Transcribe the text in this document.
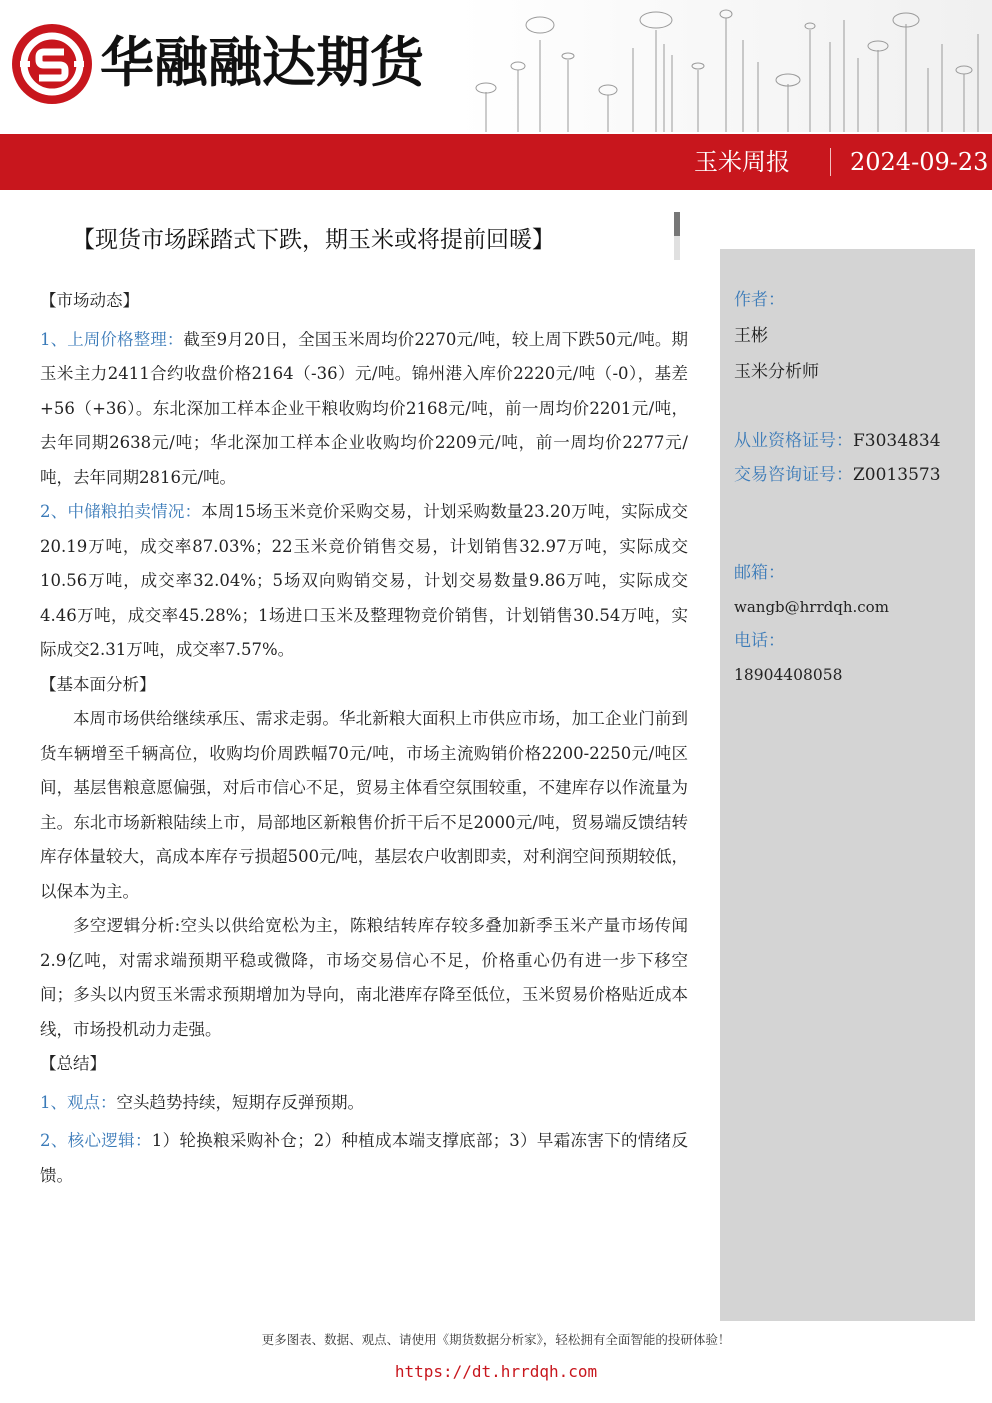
华融融达期货
玉米周报	2024-09-23
【现货市场踩踏式下跌，期玉米或将提前回暖】

【市场动态】

1、上周价格整理：截至9月20日，全国玉米周均价2270元/吨，较上周下跌50元/吨。期玉米主力2411合约收盘价格2164（-36）元/吨。锦州港入库价2220元/吨（-0），基差+56（+36）。东北深加工样本企业干粮收购均价2168元/吨，前一周均价2201元/吨，去年同期2638元/吨；华北深加工样本企业收购均价2209元/吨，前一周均价2277元/吨，去年同期2816元/吨。

2、中储粮拍卖情况：本周15场玉米竞价采购交易，计划采购数量23.20万吨，实际成交20.19万吨，成交率87.03%；22玉米竞价销售交易，计划销售32.97万吨，实际成交10.56万吨，成交率32.04%；5场双向购销交易，计划交易数量9.86万吨，实际成交4.46万吨，成交率45.28%；1场进口玉米及整理物竞价销售，计划销售30.54万吨，实际成交2.31万吨，成交率7.57%。

【基本面分析】

本周市场供给继续承压、需求走弱。华北新粮大面积上市供应市场，加工企业门前到货车辆增至千辆高位，收购均价周跌幅70元/吨，市场主流购销价格2200-2250元/吨区间，基层售粮意愿偏强，对后市信心不足，贸易主体看空氛围较重，不建库存以作流量为主。东北市场新粮陆续上市，局部地区新粮售价折干后不足2000元/吨，贸易端反馈结转库存体量较大，高成本库存亏损超500元/吨，基层农户收割即卖，对利润空间预期较低，以保本为主。

多空逻辑分析:空头以供给宽松为主，陈粮结转库存较多叠加新季玉米产量市场传闻2.9亿吨，对需求端预期平稳或微降，市场交易信心不足，价格重心仍有进一步下移空间；多头以内贸玉米需求预期增加为导向，南北港库存降至低位，玉米贸易价格贴近成本线，市场投机动力走强。

【总结】

1、观点：空头趋势持续，短期存反弹预期。

2、核心逻辑：1）轮换粮采购补仓；2）种植成本端支撑底部；3）早霜冻害下的情绪反馈。

作者：
王彬
玉米分析师
从业资格证号：F3034834
交易咨询证号：Z0013573
邮箱：
wangb@hrrdqh.com
电话：
18904408058
更多图表、数据、观点、请使用《期货数据分析家》，轻松拥有全面智能的投研体验！
https://dt.hrrdqh.com
